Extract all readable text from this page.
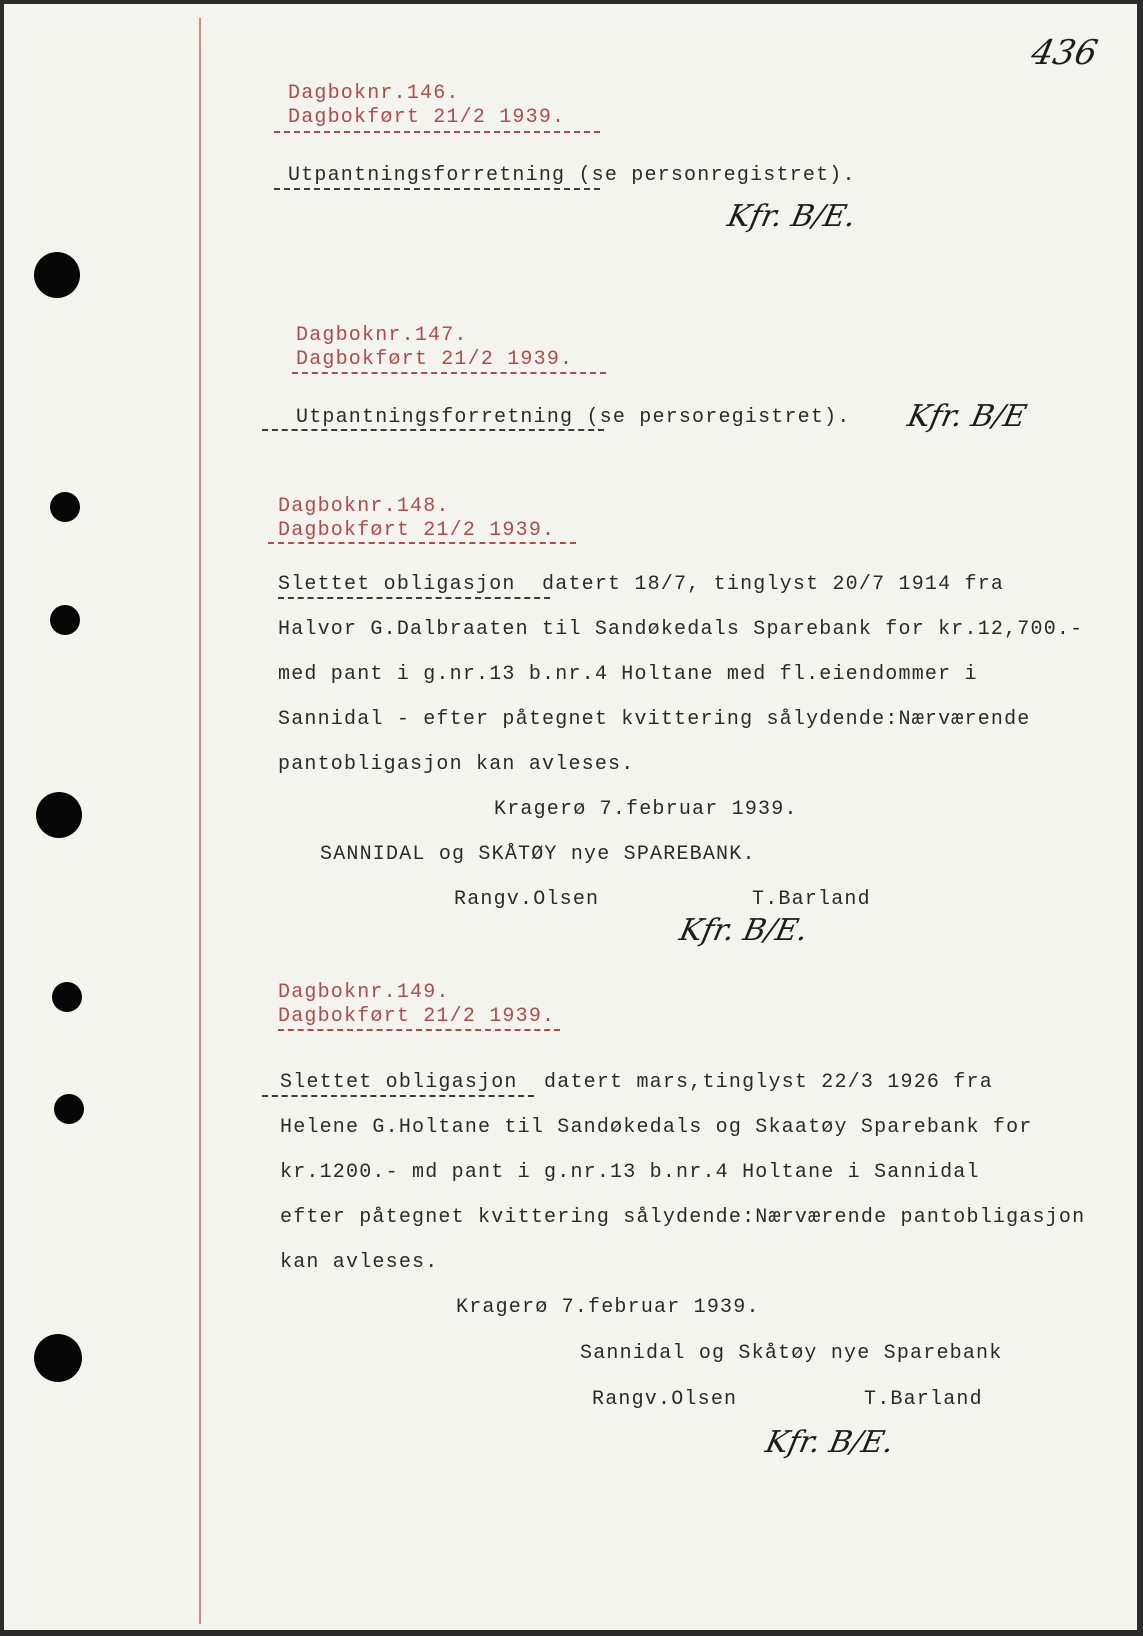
436
Dagboknr.146.
Dagbokført 21/2 1939.
Utpantningsforretning (se personregistret).
Kfr. B/E.
Dagboknr.147.
Dagbokført 21/2 1939.
Utpantningsforretning (se persoregistret). Kfr. B/E
Dagboknr.148.
Dagbokført 21/2 1939.
Slettet obligasjon  datert 18/7, tinglyst 20/7 1914 fra
Halvor G.Dalbraaten til Sandøkedals Sparebank for kr.12,700.-
med pant i g.nr.13 b.nr.4 Holtane med fl.eiendommer i
Sannidal - efter påtegnet kvittering sålydende:Nærværende
pantobligasjon kan avleses.
Kragerø 7.februar 1939.
SANNIDAL og SKÅTØY nye SPAREBANK.
Rangv.Olsen	T.Barland
Kfr. B/E.
Dagboknr.149.
Dagbokført 21/2 1939.
Slettet obligasjon  datert mars,tinglyst 22/3 1926 fra
Helene G.Holtane til Sandøkedals og Skaatøy Sparebank for
kr.1200.- md pant i g.nr.13 b.nr.4 Holtane i Sannidal
efter påtegnet kvittering sålydende:Nærværende pantobligasjon
kan avleses.
Kragerø 7.februar 1939.
Sannidal og Skåtøy nye Sparebank
Rangv.Olsen	T.Barland
Kfr. B/E.
